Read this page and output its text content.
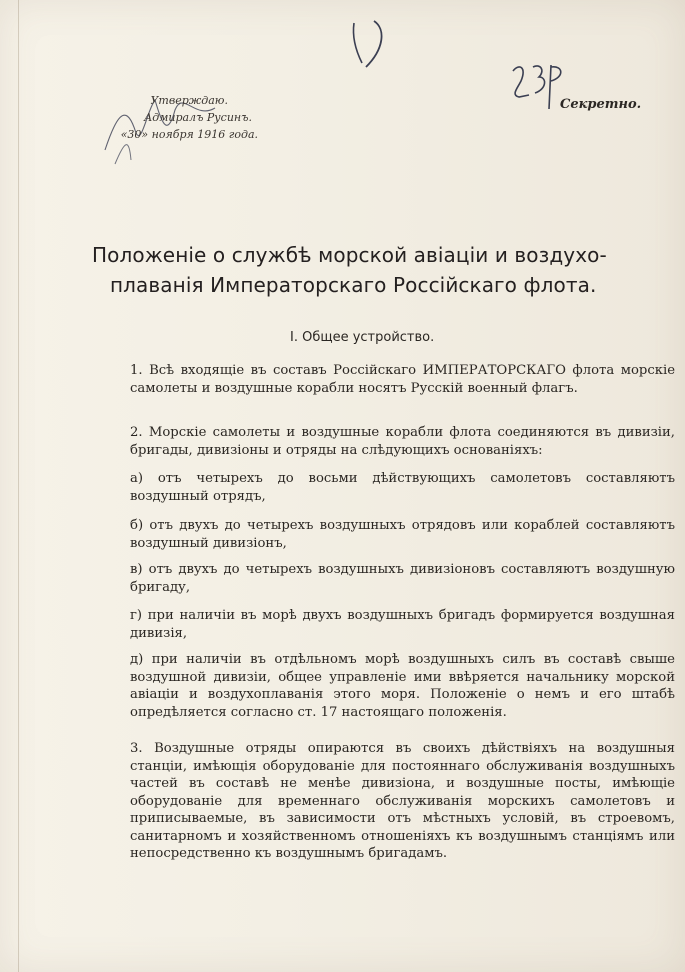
Утверждаю.
Адмиралъ Русинъ.
«30» ноября 1916 года.
Секретно.
Положеніе о службѣ морской авіаціи и воздухо-
плаванія Императорскаго Россійскаго флота.
I. Общее устройство.
1. Всѣ входящіе въ составъ Россійскаго ИМПЕРАТОРСКАГО флота морскіе самолеты и воздушные корабли носятъ Русскій военный флагъ.
2. Морскіе самолеты и воздушные корабли флота соединяются въ дивизіи, бригады, дивизіоны и отряды на слѣдующихъ основаніяхъ:
а) отъ четырехъ до восьми дѣйствующихъ самолетовъ составляютъ воздушный отрядъ,
б) отъ двухъ до четырехъ воздушныхъ отрядовъ или кораблей составляютъ воздушный дивизіонъ,
в) отъ двухъ до четырехъ воздушныхъ дивизіоновъ составляютъ воздушную бригаду,
г) при наличіи въ морѣ двухъ воздушныхъ бригадъ формируется воздушная дивизія,
д) при наличіи въ отдѣльномъ морѣ воздушныхъ силъ въ составѣ свыше воздушной дивизіи, общее управленіе ими ввѣряется начальнику морской авіаціи и воздухоплаванія этого моря. Положеніе о немъ и его штабѣ опредѣляется согласно ст. 17 настоящаго положенія.
3. Воздушные отряды опираются въ своихъ дѣйствіяхъ на воздушныя станціи, имѣющія оборудованіе для постояннаго обслуживанія воздушныхъ частей въ составѣ не менѣе дивизіона, и воздушные посты, имѣющіе оборудованіе для временнаго обслуживанія морскихъ самолетовъ и приписываемые, въ зависимости отъ мѣстныхъ условій, въ строевомъ, санитарномъ и хозяйственномъ отношеніяхъ къ воздушнымъ станціямъ или непосредственно къ воздушнымъ бригадамъ.
